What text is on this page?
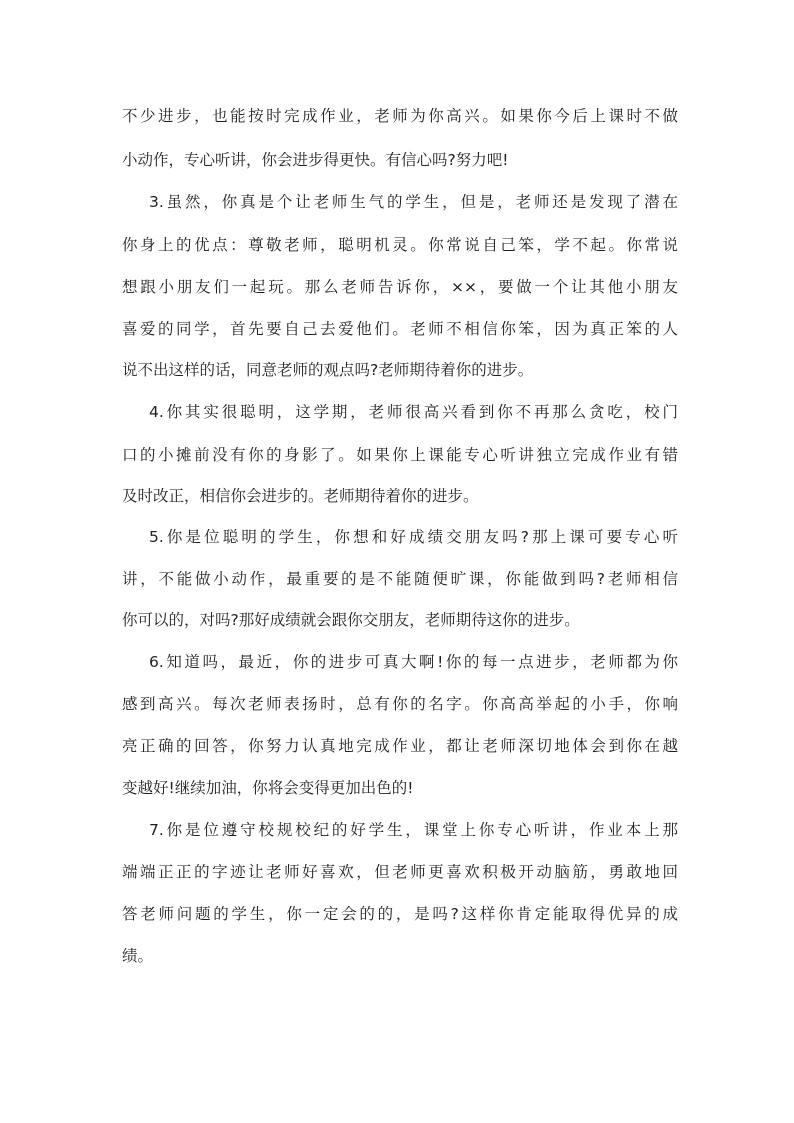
不少进步，也能按时完成作业，老师为你高兴。如果你今后上课时不做
小动作，专心听讲，你会进步得更快。有信心吗?努力吧!
3.虽然，你真是个让老师生气的学生，但是，老师还是发现了潜在
你身上的优点：尊敬老师，聪明机灵。你常说自己笨，学不起。你常说
想跟小朋友们一起玩。那么老师告诉你，××，要做一个让其他小朋友
喜爱的同学，首先要自己去爱他们。老师不相信你笨，因为真正笨的人
说不出这样的话，同意老师的观点吗?老师期待着你的进步。
4.你其实很聪明，这学期，老师很高兴看到你不再那么贪吃，校门
口的小摊前没有你的身影了。如果你上课能专心听讲独立完成作业有错
及时改正，相信你会进步的。老师期待着你的进步。
5.你是位聪明的学生，你想和好成绩交朋友吗?那上课可要专心听
讲，不能做小动作，最重要的是不能随便旷课，你能做到吗?老师相信
你可以的，对吗?那好成绩就会跟你交朋友，老师期待这你的进步。
6.知道吗，最近，你的进步可真大啊!你的每一点进步，老师都为你
感到高兴。每次老师表扬时，总有你的名字。你高高举起的小手，你响
亮正确的回答，你努力认真地完成作业，都让老师深切地体会到你在越
变越好!继续加油，你将会变得更加出色的!
7.你是位遵守校规校纪的好学生，课堂上你专心听讲，作业本上那
端端正正的字迹让老师好喜欢，但老师更喜欢积极开动脑筋，勇敢地回
答老师问题的学生，你一定会的的，是吗?这样你肯定能取得优异的成
绩。
